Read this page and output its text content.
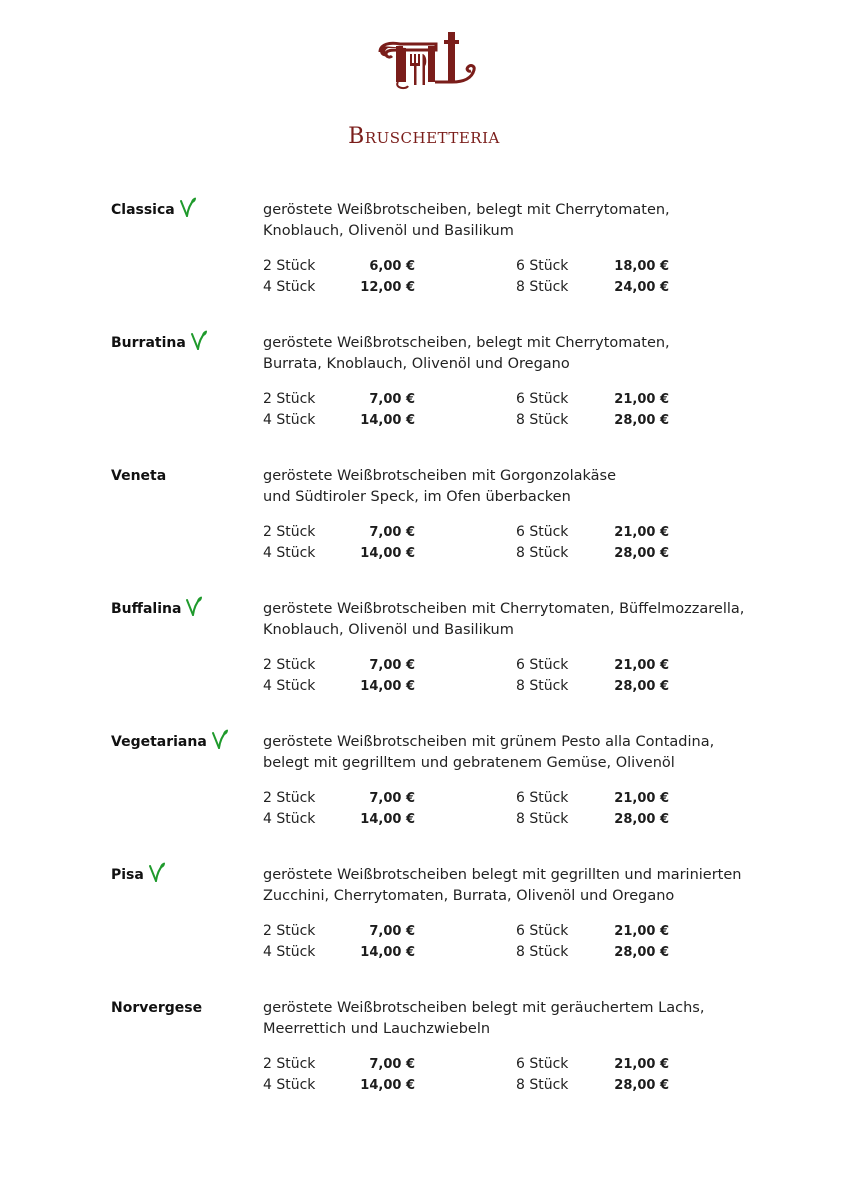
Bruschetteria
Classica	geröstete Weißbrotscheiben, belegt mit Cherrytomaten,
Knoblauch, Olivenöl und Basilikum
2 Stück	6,00 €	6 Stück	18,00 €
4 Stück	12,00 €	8 Stück	24,00 €
Burratina	geröstete Weißbrotscheiben, belegt mit Cherrytomaten,
Burrata, Knoblauch, Olivenöl und Oregano
2 Stück	7,00 €	6 Stück	21,00 €
4 Stück	14,00 €	8 Stück	28,00 €
Veneta	geröstete Weißbrotscheiben mit Gorgonzolakäse
und Südtiroler Speck, im Ofen überbacken
2 Stück	7,00 €	6 Stück	21,00 €
4 Stück	14,00 €	8 Stück	28,00 €
Buffalina	geröstete Weißbrotscheiben mit Cherrytomaten, Büffelmozzarella,
Knoblauch, Olivenöl und Basilikum
2 Stück	7,00 €	6 Stück	21,00 €
4 Stück	14,00 €	8 Stück	28,00 €
Vegetariana	geröstete Weißbrotscheiben mit grünem Pesto alla Contadina,
belegt mit gegrilltem und gebratenem Gemüse, Olivenöl
2 Stück	7,00 €	6 Stück	21,00 €
4 Stück	14,00 €	8 Stück	28,00 €
Pisa	geröstete Weißbrotscheiben belegt mit gegrillten und marinierten
Zucchini, Cherrytomaten, Burrata, Olivenöl und Oregano
2 Stück	7,00 €	6 Stück	21,00 €
4 Stück	14,00 €	8 Stück	28,00 €
Norvergese	geröstete Weißbrotscheiben belegt mit geräuchertem Lachs,
Meerrettich und Lauchzwiebeln
2 Stück	7,00 €	6 Stück	21,00 €
4 Stück	14,00 €	8 Stück	28,00 €
